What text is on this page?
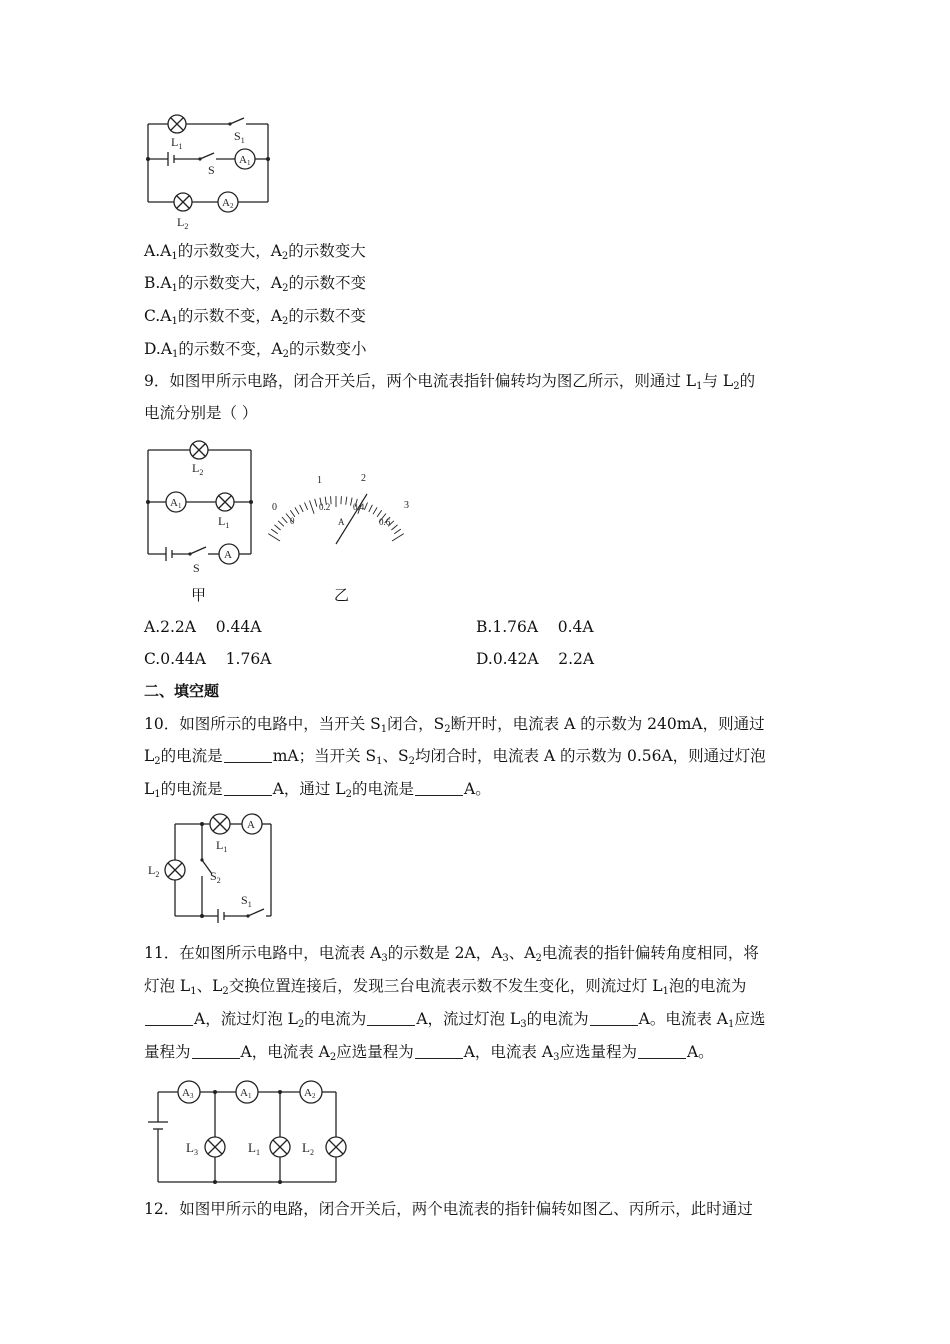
$L_1$
$S_1$
S
A1
A2
$L_2$
$A.A_1$的示数变大，$A_2$的示数变大
$B.A_1$的示数变大，$A_2$的示数不变
$C.A_1$的示数不变，$A_2$的示数不变
$D.A_1$的示数不变，$A_2$的示数变小
9．如图甲所示电路，闭合开关后，两个电流表指针偏转均为图乙所示，则通过 $L_1$与 $L_2$的
电流分别是（ ）
$L_2$
A1
$L_1$
A
S
甲
0
1	2
3
0
0.2	0.4
0.6
A
乙
A.2.2A 0.44A	B.1.76A 0.4A
C.0.44A 1.76A	D.0.42A 2.2A
二、填空题
10．如图所示的电路中，当开关 $S_1$闭合，$S_2$断开时，电流表 A 的示数为 240mA，则通过
$L_2$的电流是	mA；当开关 $S_1$、$S_2$均闭合时，电流表 A 的示数为 0.56A，则通过灯泡
$L_1$的电流是	A，通过 $L_2$的电流是	A。
$L_1$
$L_2$
A
$S_2$
$S_1$
11．在如图所示电路中，电流表 $A_3$的示数是 2A，$A_3$、$A_2$电流表的指针偏转角度相同，将
灯泡 $L_1$、$L_2$交换位置连接后，发现三台电流表示数不发生变化，则流过灯 $L_1$泡的电流为
A，流过灯泡 $L_2$的电流为	A，流过灯泡 $L_3$的电流为	A。电流表 $A_1$应选
量程为	A，电流表 $A_2$应选量程为	A，电流表 $A_3$应选量程为	A。
A3	A1	A2
$L_3$	$L_1$	$L_2$
12．如图甲所示的电路，闭合开关后，两个电流表的指针偏转如图乙、丙所示，此时通过
